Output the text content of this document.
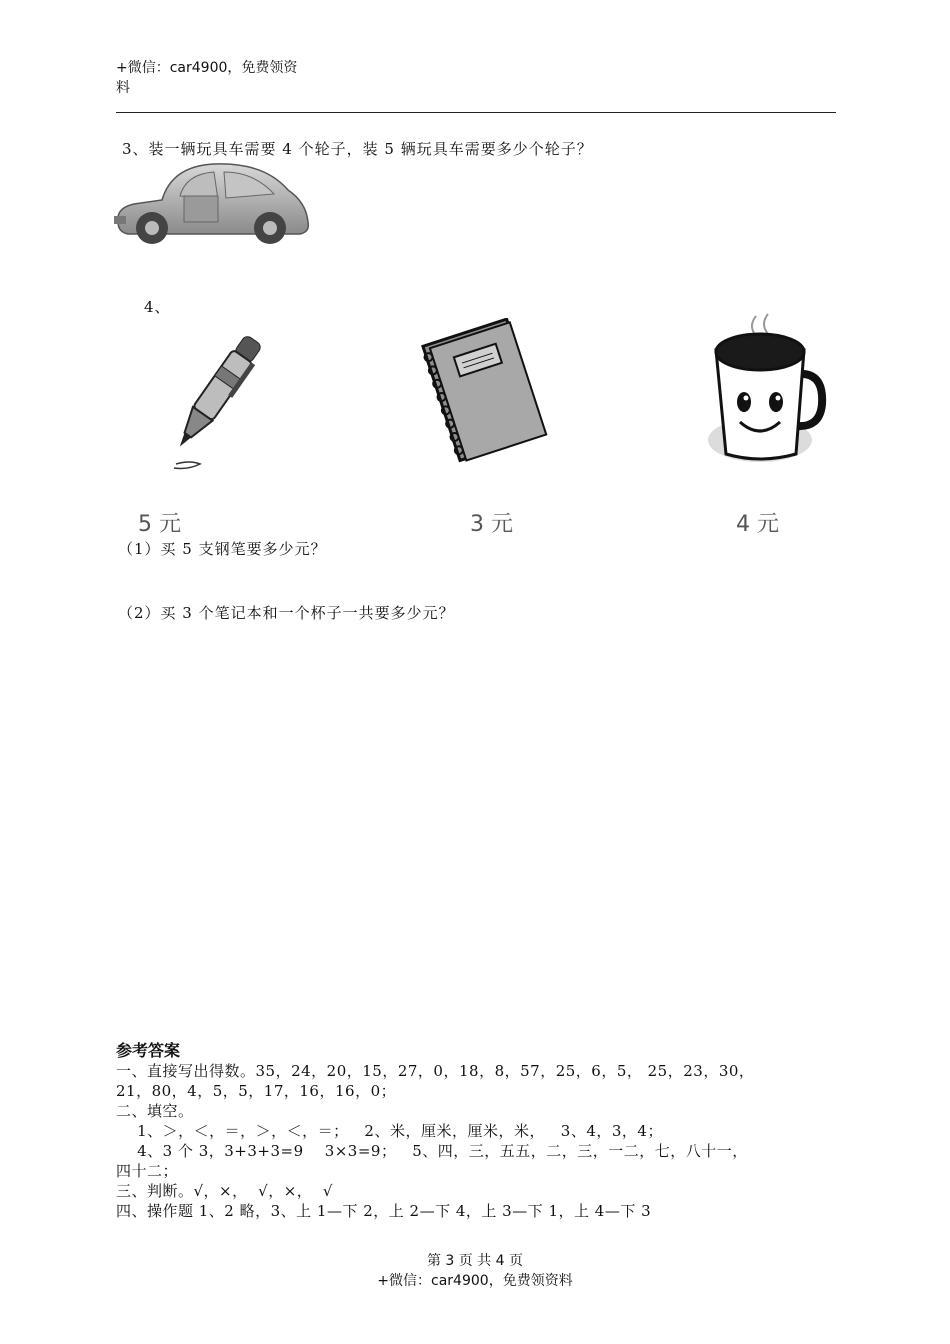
+微信：car4900，免费领资
料
3、装一辆玩具车需要 4 个轮子，装 5 辆玩具车需要多少个轮子？
4、
5 元	3 元	4 元
（1）买 5 支钢笔要多少元？
（2）买 3 个笔记本和一个杯子一共要多少元？
参考答案
一、直接写出得数。35，24，20，15，27，0，18，8，57，25，6，5， 25，23，30，
21，80，4，5，5，17，16，16，0；
二、填空。
1、＞，＜，＝，＞，＜，＝；   2、米，厘米，厘米，米，   3、4，3，4；
4、3 个 3，3+3+3=9    3×3=9；   5、四，三，五五，二，三，一二，七，八十一，
四十二；
三、判断。√，×，  √，×，  √
四、操作题 1、2 略，3、上 1—下 2，上 2—下 4，上 3—下 1，上 4—下 3
第 3 页 共 4 页
+微信：car4900，免费领资料
